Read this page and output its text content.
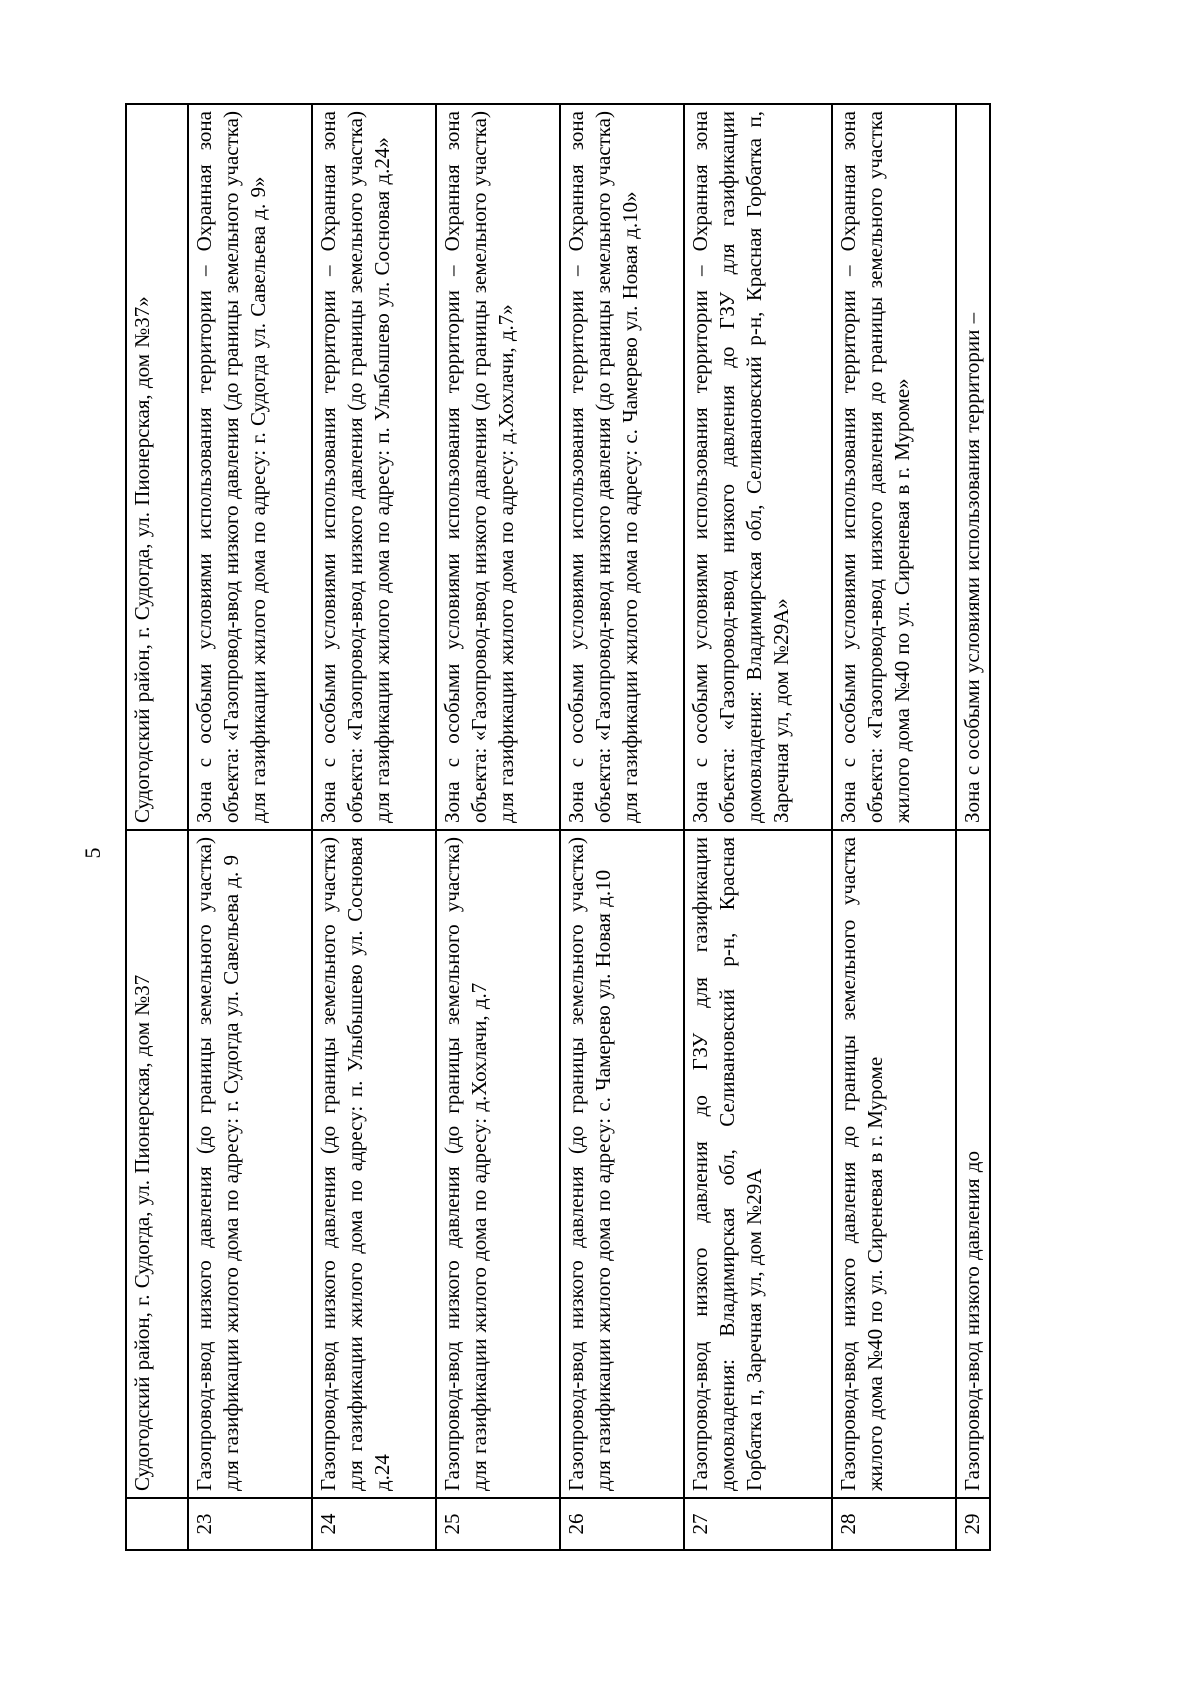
5
	Судогодский район, г. Судогда, ул. Пионерская, дом №37	Судогодский район, г. Судогда, ул. Пионерская, дом №37»
23	Газопровод-ввод низкого давления (до границы земельного участка) для газификации жилого дома по адресу: г. Судогда ул. Савельева д. 9	Зона с особыми условиями использования территории – Охранная зона объекта: «Газопровод-ввод низкого давления (до границы земельного участка) для газификации жилого дома по адресу: г. Судогда ул. Савельева д. 9»
24	Газопровод-ввод низкого давления (до границы земельного участка) для газификации жилого дома по адресу: п. Улыбышево ул. Сосновая д.24	Зона с особыми условиями использования территории – Охранная зона объекта: «Газопровод-ввод низкого давления (до границы земельного участка) для газификации жилого дома по адресу: п. Улыбышево ул. Сосновая д.24»
25	Газопровод-ввод низкого давления (до границы земельного участка) для газификации жилого дома по адресу: д.Хохлачи, д.7	Зона с особыми условиями использования территории – Охранная зона объекта: «Газопровод-ввод низкого давления (до границы земельного участка) для газификации жилого дома по адресу: д.Хохлачи, д.7»
26	Газопровод-ввод низкого давления (до границы земельного участка) для газификации жилого дома по адресу: с. Чамерево ул. Новая д.10	Зона с особыми условиями использования территории – Охранная зона объекта: «Газопровод-ввод низкого давления (до границы земельного участка) для газификации жилого дома по адресу: с. Чамерево ул. Новая д.10»
27	Газопровод-ввод низкого давления до ГЗУ для газификации домовладения: Владимирская обл, Селивановский р-н, Красная Горбатка п, Заречная ул, дом №29А	Зона с особыми условиями использования территории – Охранная зона объекта: «Газопровод-ввод низкого давления до ГЗУ для газификации домовладения: Владимирская обл, Селивановский р-н, Красная Горбатка п, Заречная ул, дом №29А»
28	Газопровод-ввод низкого давления до границы земельного участка жилого дома №40 по ул. Сиреневая в г. Муроме	Зона с особыми условиями использования территории – Охранная зона объекта: «Газопровод-ввод низкого давления до границы земельного участка жилого дома №40 по ул. Сиреневая в г. Муроме»
29	Газопровод-ввод низкого давления до	Зона с особыми условиями использования территории –
